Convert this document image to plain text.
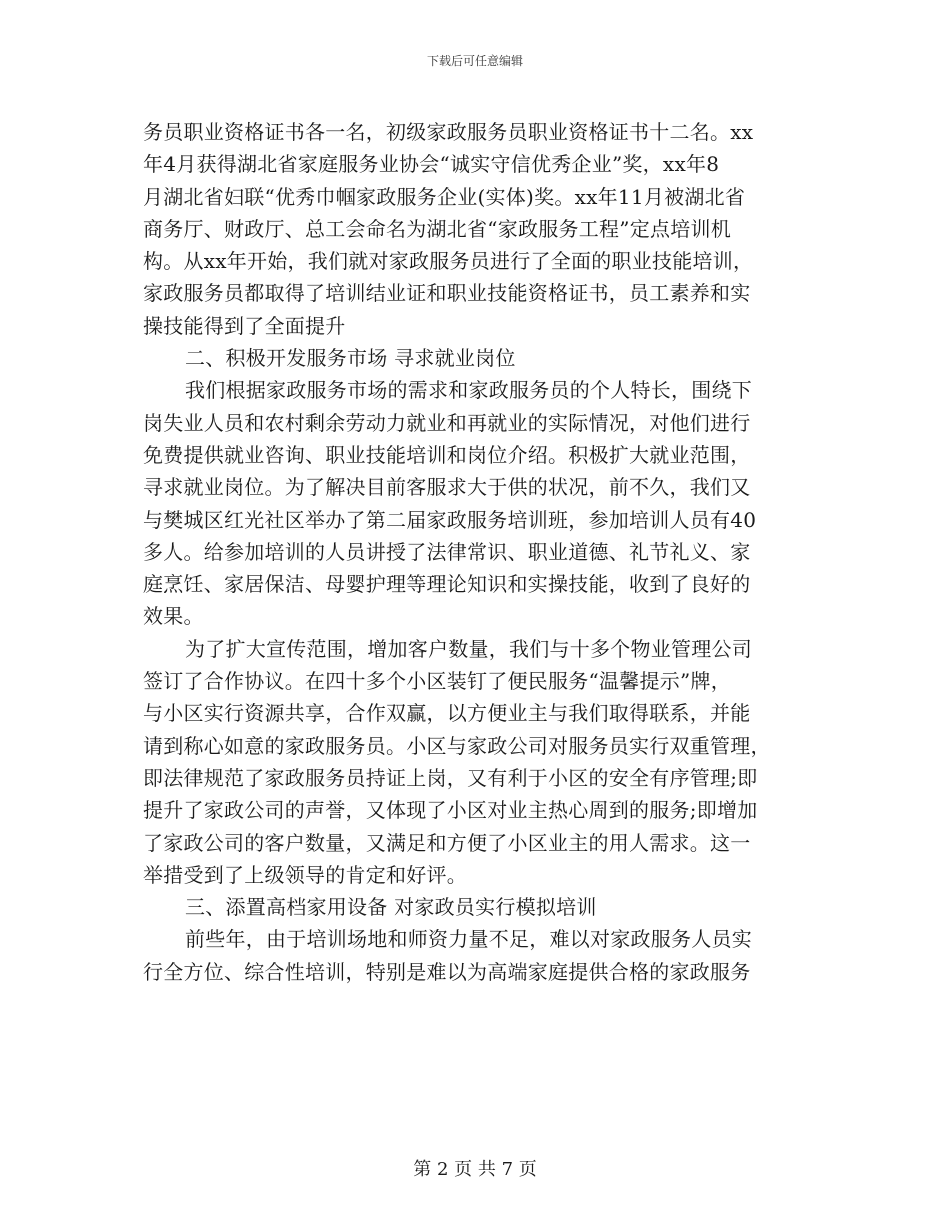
下载后可任意编辑
务员职业资格证书各一名，初级家政服务员职业资格证书十二名。xx
年4月获得湖北省家庭服务业协会“诚实守信优秀企业”奖，xx年8
月湖北省妇联“优秀巾帼家政服务企业(实体)奖。xx年11月被湖北省
商务厅、财政厅、总工会命名为湖北省“家政服务工程”定点培训机
构。从xx年开始，我们就对家政服务员进行了全面的职业技能培训，
家政服务员都取得了培训结业证和职业技能资格证书，员工素养和实
操技能得到了全面提升
二、积极开发服务市场 寻求就业岗位
我们根据家政服务市场的需求和家政服务员的个人特长，围绕下
岗失业人员和农村剩余劳动力就业和再就业的实际情况，对他们进行
免费提供就业咨询、职业技能培训和岗位介绍。积极扩大就业范围，
寻求就业岗位。为了解决目前客服求大于供的状况，前不久，我们又
与樊城区红光社区举办了第二届家政服务培训班，参加培训人员有40
多人。给参加培训的人员讲授了法律常识、职业道德、礼节礼义、家
庭烹饪、家居保洁、母婴护理等理论知识和实操技能，收到了良好的
效果。
为了扩大宣传范围，增加客户数量，我们与十多个物业管理公司
签订了合作协议。在四十多个小区装钉了便民服务“温馨提示”牌，
与小区实行资源共享，合作双赢，以方便业主与我们取得联系，并能
请到称心如意的家政服务员。小区与家政公司对服务员实行双重管理，
即法律规范了家政服务员持证上岗，又有利于小区的安全有序管理;即
提升了家政公司的声誉，又体现了小区对业主热心周到的服务;即增加
了家政公司的客户数量，又满足和方便了小区业主的用人需求。这一
举措受到了上级领导的肯定和好评。
三、添置高档家用设备 对家政员实行模拟培训
前些年，由于培训场地和师资力量不足，难以对家政服务人员实
行全方位、综合性培训，特别是难以为高端家庭提供合格的家政服务
第 2 页 共 7 页
